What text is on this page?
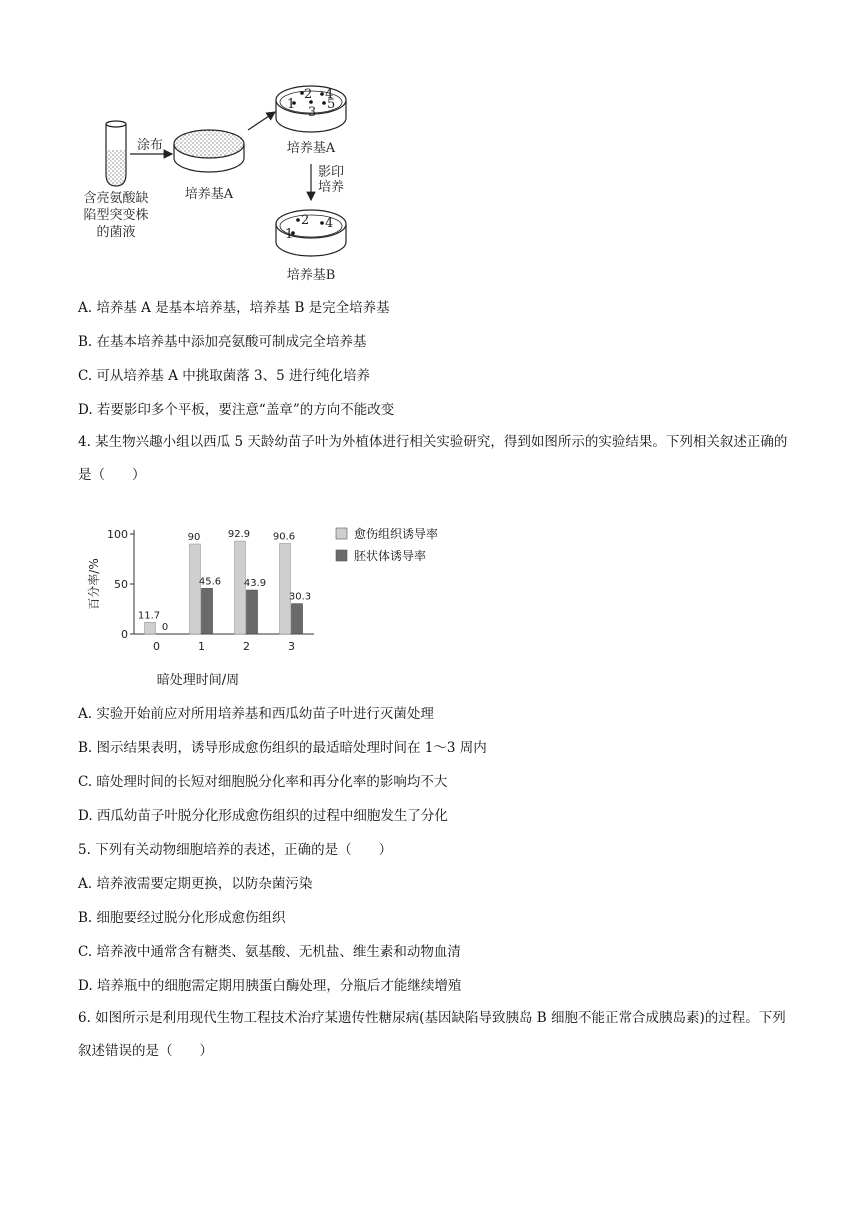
含亮氨酸缺
陷型突变株
的菌液
涂布
培养基A
1
2
3
4
5
培养基A
影印
培养
1
2 4
培养基B
A. 培养基 A 是基本培养基，培养基 B 是完全培养基
B. 在基本培养基中添加亮氨酸可制成完全培养基
C. 可从培养基 A 中挑取菌落 3、5 进行纯化培养
D. 若要影印多个平板，要注意“盖章”的方向不能改变
4. 某生物兴趣小组以西瓜 5 天龄幼苗子叶为外植体进行相关实验研究，得到如图所示的实验结果。下列相关叙述正确的是（　　）
0
50
100
百分率/%
0	1	2	3
暗处理时间/周
愈伤组织诱导率
胚状体诱导率
11.7
0
90
45.6
92.9
43.9
90.6
30.3
A. 实验开始前应对所用培养基和西瓜幼苗子叶进行灭菌处理
B. 图示结果表明，诱导形成愈伤组织的最适暗处理时间在 1～3 周内
C. 暗处理时间的长短对细胞脱分化率和再分化率的影响均不大
D. 西瓜幼苗子叶脱分化形成愈伤组织的过程中细胞发生了分化
5. 下列有关动物细胞培养的表述，正确的是（　　）
A. 培养液需要定期更换，以防杂菌污染
B. 细胞要经过脱分化形成愈伤组织
C. 培养液中通常含有糖类、氨基酸、无机盐、维生素和动物血清
D. 培养瓶中的细胞需定期用胰蛋白酶处理，分瓶后才能继续增殖
6. 如图所示是利用现代生物工程技术治疗某遗传性糖尿病(基因缺陷导致胰岛 B 细胞不能正常合成胰岛素)的过程。下列叙述错误的是（　　）
